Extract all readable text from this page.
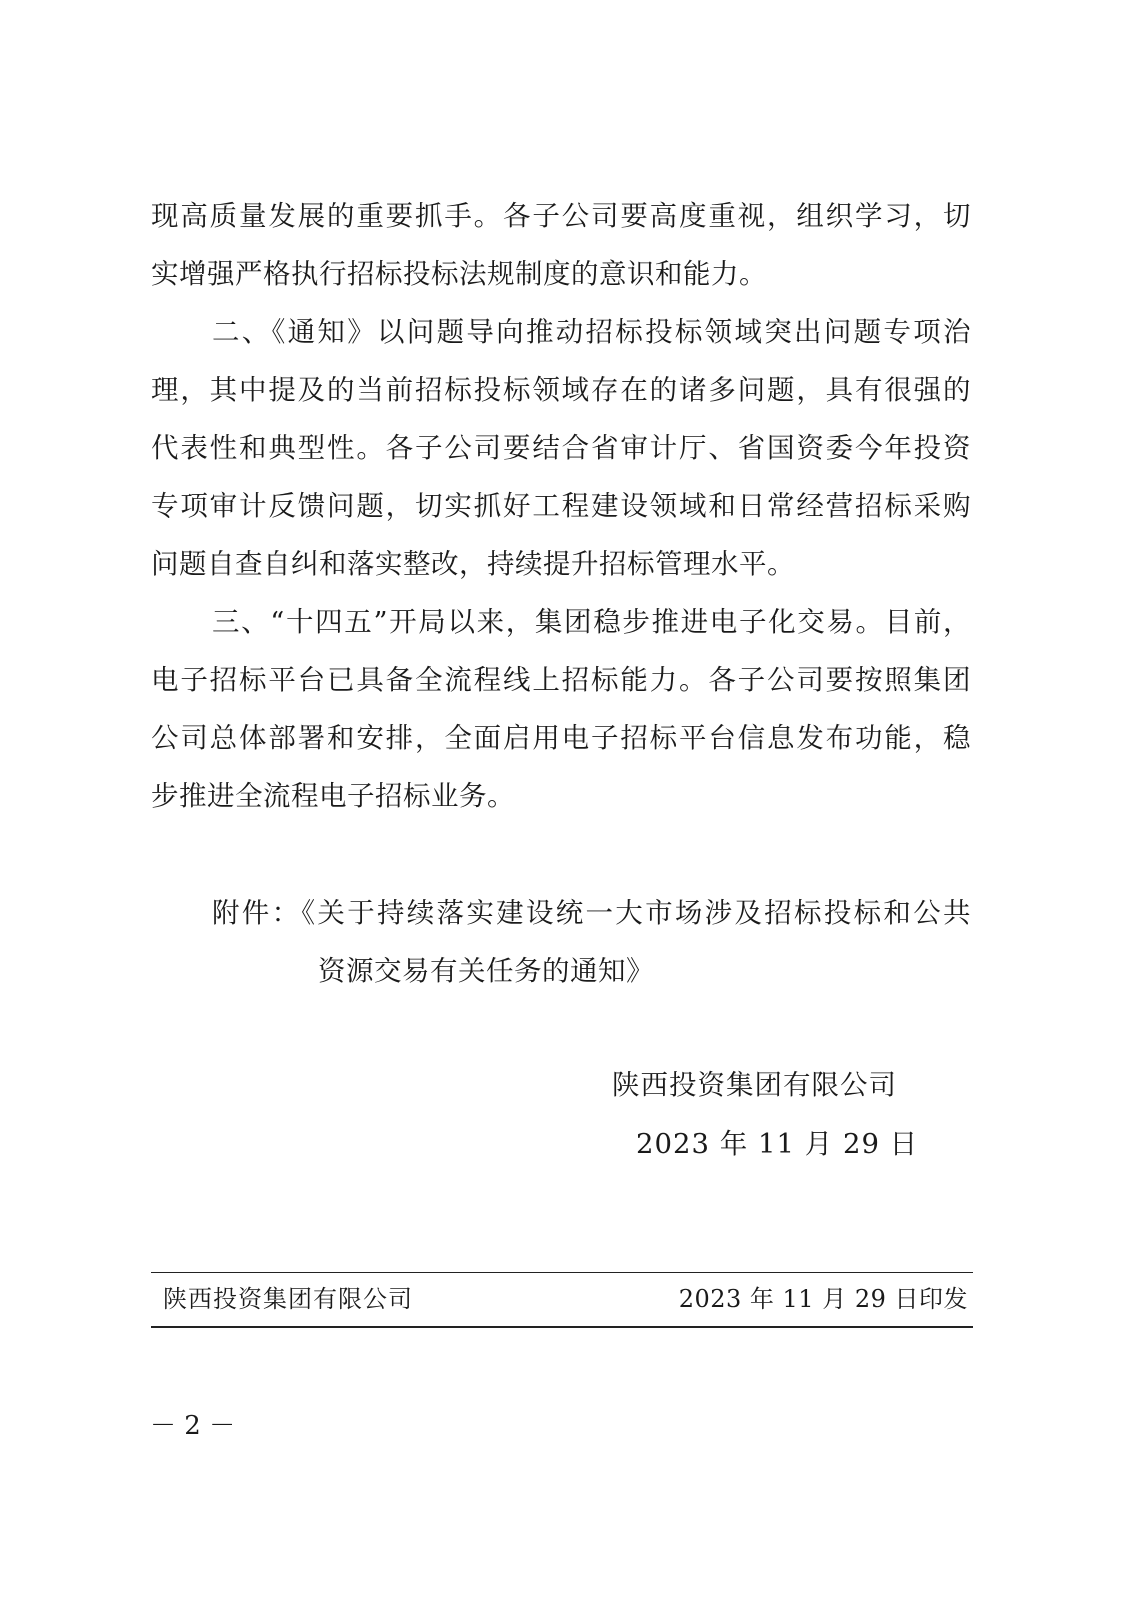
现高质量发展的重要抓手。各子公司要高度重视，组织学习，切
实增强严格执行招标投标法规制度的意识和能力。
二、《通知》以问题导向推动招标投标领域突出问题专项治
理，其中提及的当前招标投标领域存在的诸多问题，具有很强的
代表性和典型性。各子公司要结合省审计厅、省国资委今年投资
专项审计反馈问题，切实抓好工程建设领域和日常经营招标采购
问题自查自纠和落实整改，持续提升招标管理水平。
三、“十四五”开局以来，集团稳步推进电子化交易。目前，
电子招标平台已具备全流程线上招标能力。各子公司要按照集团
公司总体部署和安排，全面启用电子招标平台信息发布功能，稳
步推进全流程电子招标业务。
附件：《关于持续落实建设统一大市场涉及招标投标和公共
资源交易有关任务的通知》
陕西投资集团有限公司
2023 年 11 月 29 日
陕西投资集团有限公司	2023 年 11 月 29 日印发
－ 2 －
